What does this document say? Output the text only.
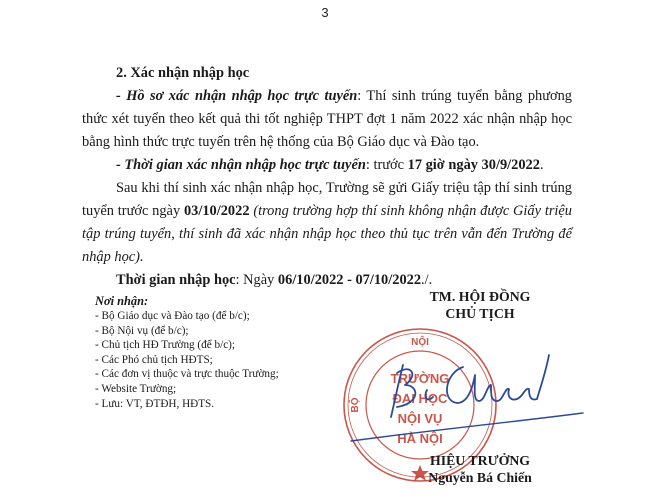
3

2. Xác nhận nhập học

- Hồ sơ xác nhận nhập học trực tuyến: Thí sinh trúng tuyển bằng phương thức xét tuyển theo kết quả thi tốt nghiệp THPT đợt 1 năm 2022 xác nhận nhập học bằng hình thức trực tuyến trên hệ thống của Bộ Giáo dục và Đào tạo.

- Thời gian xác nhận nhập học trực tuyến: trước 17 giờ ngày 30/9/2022.

Sau khi thí sinh xác nhận nhập học, Trường sẽ gửi Giấy triệu tập thí sinh trúng tuyển trước ngày 03/10/2022 (trong trường hợp thí sinh không nhận được Giấy triệu tập trúng tuyển, thí sinh đã xác nhận nhập học theo thủ tục trên vẫn đến Trường để nhập học).

Thời gian nhập học: Ngày 06/10/2022 - 07/10/2022./.

Nơi nhận:
- Bộ Giáo dục và Đào tạo (để b/c);
- Bộ Nội vụ (để b/c);
- Chủ tịch HĐ Trường (để b/c);
- Các Phó chủ tịch HĐTS;
- Các đơn vị thuộc và trực thuộc Trường;
- Website Trường;
- Lưu: VT, ĐTĐH, HĐTS.
TM. HỘI ĐỒNG
CHỦ TỊCH
NỘI
BỘ
TRƯỜNG
ĐẠI HỌC
NỘI VỤ
HÀ NỘI
HIỆU TRƯỞNG
Nguyễn Bá Chiến
